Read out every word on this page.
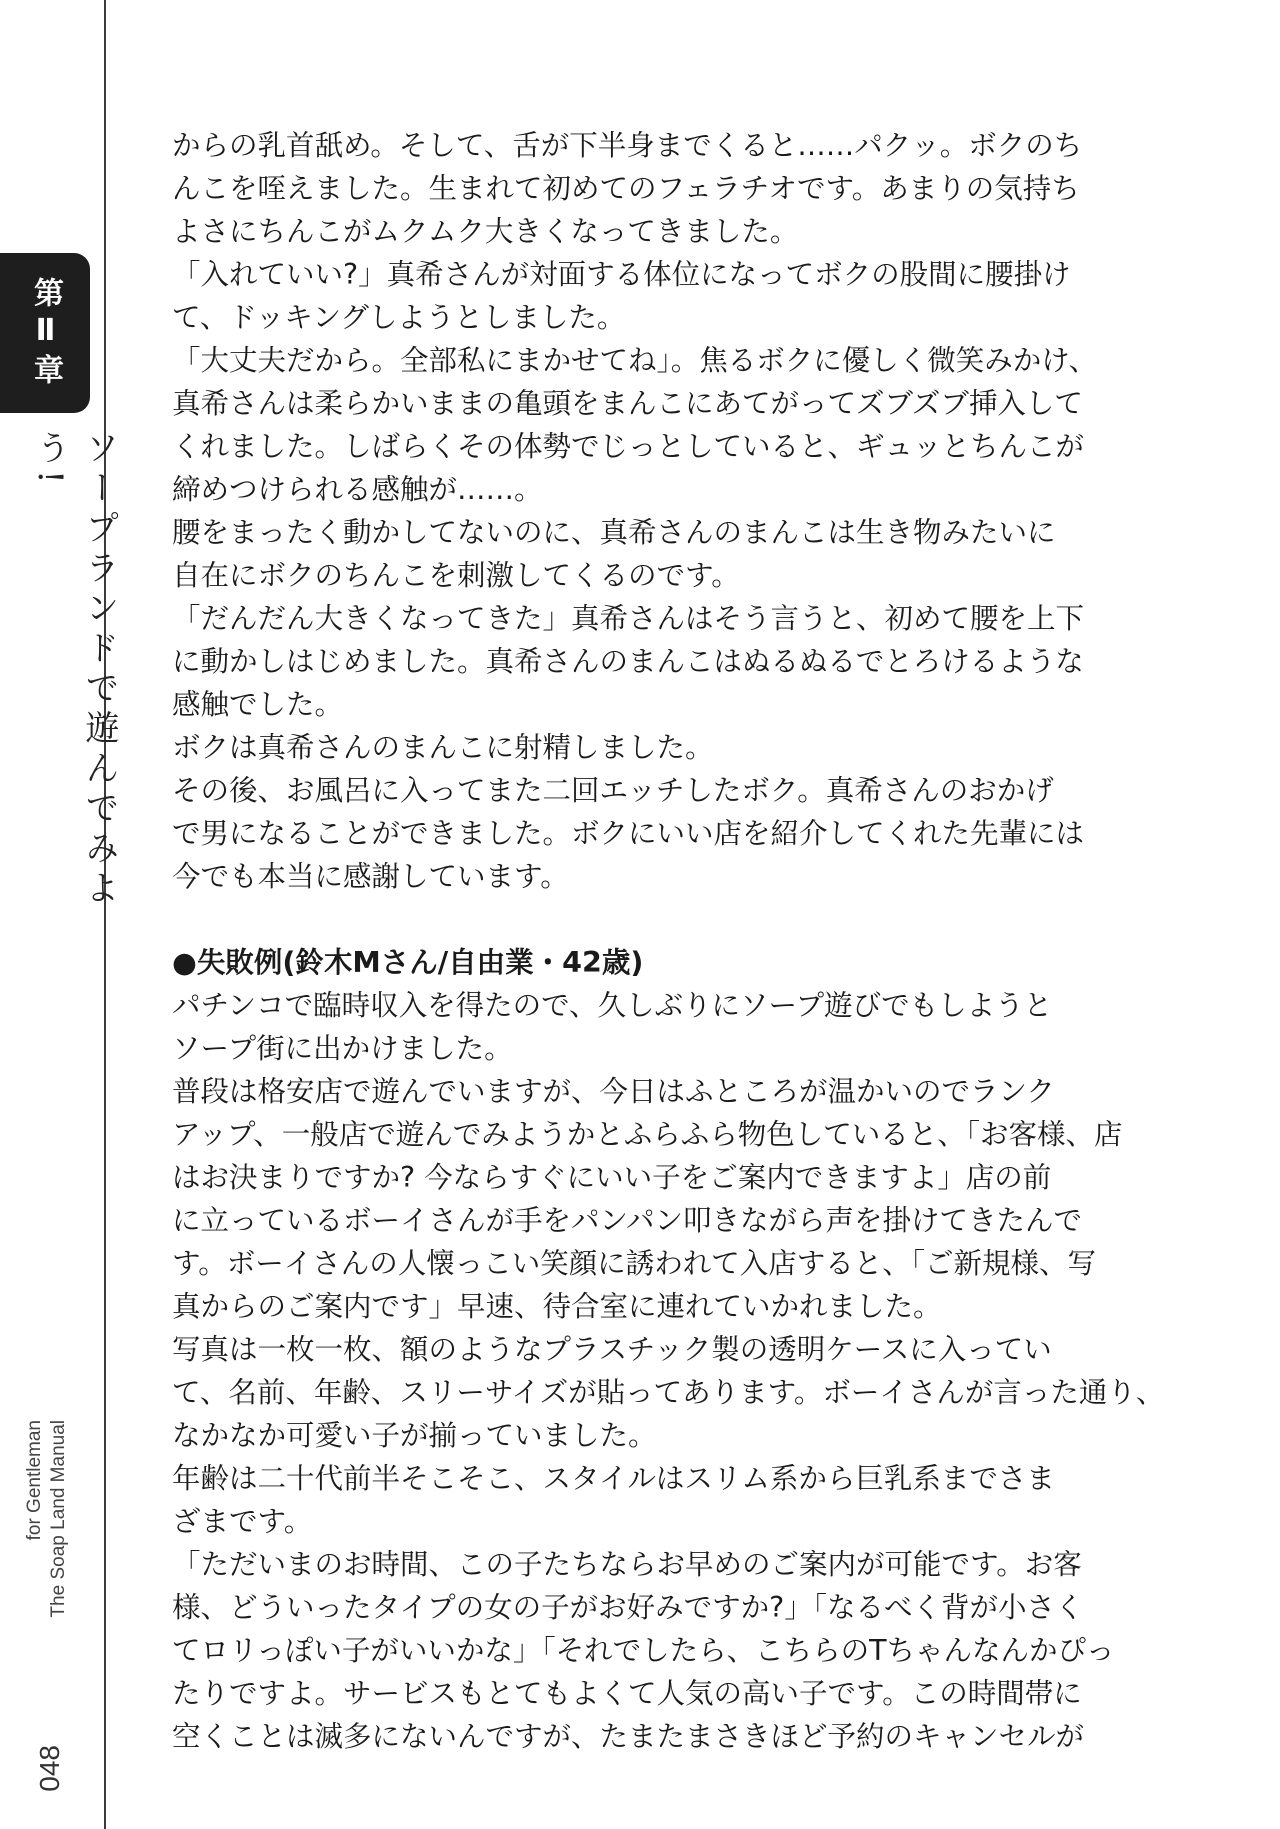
第Ⅱ章
ソープランドで遊んでみよう!
The Soap Land Manual
for Gentleman
048
からの乳首舐め。そして、舌が下半身までくると……パクッ。ボクのち
んこを咥えました。生まれて初めてのフェラチオです。あまりの気持ち
よさにちんこがムクムク大きくなってきました。
「入れていい?」真希さんが対面する体位になってボクの股間に腰掛け
て、ドッキングしようとしました。
「大丈夫だから。全部私にまかせてね」。焦るボクに優しく微笑みかけ、
真希さんは柔らかいままの亀頭をまんこにあてがってズブズブ挿入して
くれました。しばらくその体勢でじっとしていると、ギュッとちんこが
締めつけられる感触が……。
腰をまったく動かしてないのに、真希さんのまんこは生き物みたいに
自在にボクのちんこを刺激してくるのです。
「だんだん大きくなってきた」真希さんはそう言うと、初めて腰を上下
に動かしはじめました。真希さんのまんこはぬるぬるでとろけるような
感触でした。
ボクは真希さんのまんこに射精しました。
その後、お風呂に入ってまた二回エッチしたボク。真希さんのおかげ
で男になることができました。ボクにいい店を紹介してくれた先輩には
今でも本当に感謝しています。
●失敗例(鈴木Mさん/自由業・42歳)
パチンコで臨時収入を得たので、久しぶりにソープ遊びでもしようと
ソープ街に出かけました。
普段は格安店で遊んでいますが、今日はふところが温かいのでランク
アップ、一般店で遊んでみようかとふらふら物色していると、「お客様、店
はお決まりですか? 今ならすぐにいい子をご案内できますよ」店の前
に立っているボーイさんが手をパンパン叩きながら声を掛けてきたんで
す。ボーイさんの人懐っこい笑顔に誘われて入店すると、「ご新規様、写
真からのご案内です」早速、待合室に連れていかれました。
写真は一枚一枚、額のようなプラスチック製の透明ケースに入ってい
て、名前、年齢、スリーサイズが貼ってあります。ボーイさんが言った通り、
なかなか可愛い子が揃っていました。
年齢は二十代前半そこそこ、スタイルはスリム系から巨乳系までさま
ざまです。
「ただいまのお時間、この子たちならお早めのご案内が可能です。お客
様、どういったタイプの女の子がお好みですか?」「なるべく背が小さく
てロリっぽい子がいいかな」「それでしたら、こちらのTちゃんなんかぴっ
たりですよ。サービスもとてもよくて人気の高い子です。この時間帯に
空くことは滅多にないんですが、たまたまさきほど予約のキャンセルが
